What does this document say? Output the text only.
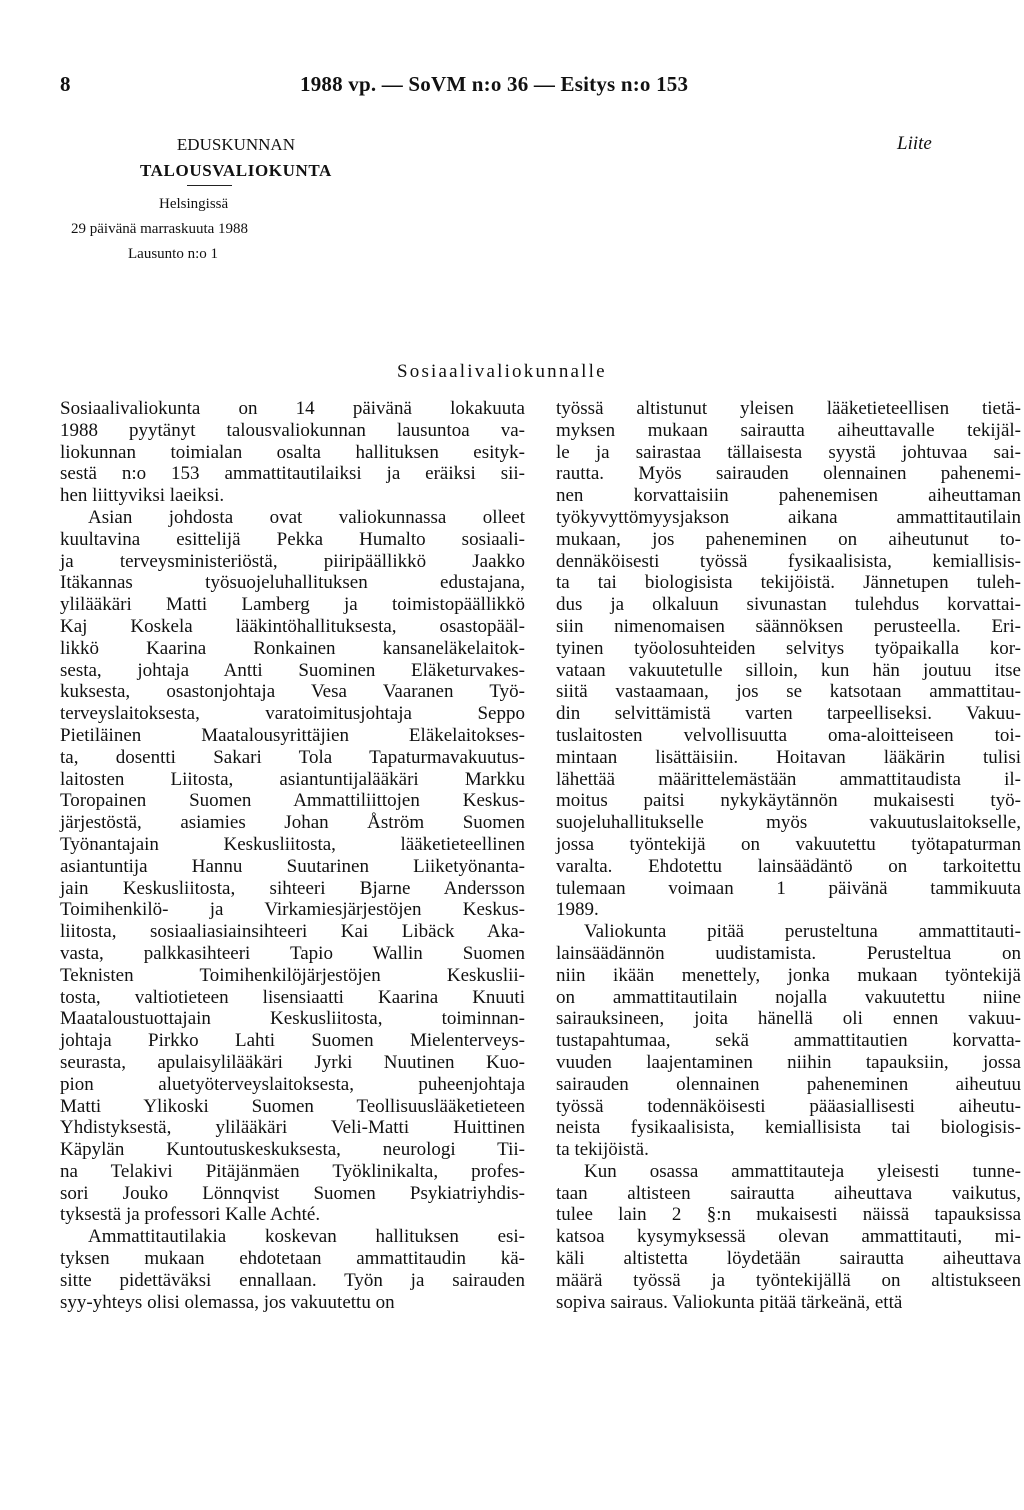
8	1988 vp. — SoVM n:o 36 — Esitys n:o 153
EDUSKUNNAN
TALOUSVALIOKUNTA
Liite
Helsingissä
29 päivänä marraskuuta 1988
Lausunto n:o 1
Sosiaalivaliokunnalle

Sosiaalivaliokunta on 14 päivänä lokakuuta

1988 pyytänyt talousvaliokunnan lausuntoa va-

liokunnan toimialan osalta hallituksen esityk-

sestä n:o 153 ammattitautilaiksi ja eräiksi sii-

hen liittyviksi laeiksi.

Asian johdosta ovat valiokunnassa olleet

kuultavina esittelijä Pekka Humalto sosiaali-

ja terveysministeriöstä, piiripäällikkö Jaakko

Itäkannas työsuojeluhallituksen edustajana,

ylilääkäri Matti Lamberg ja toimistopäällikkö

Kaj Koskela lääkintöhallituksesta, osastopääl-

likkö Kaarina Ronkainen kansaneläkelaitok-

sesta, johtaja Antti Suominen Eläketurvakes-

kuksesta, osastonjohtaja Vesa Vaaranen Työ-

terveyslaitoksesta, varatoimitusjohtaja Seppo

Pietiläinen Maatalousyrittäjien Eläkelaitokses-

ta, dosentti Sakari Tola Tapaturmavakuutus-

laitosten Liitosta, asiantuntijalääkäri Markku

Toropainen Suomen Ammattiliittojen Keskus-

järjestöstä, asiamies Johan Åström Suomen

Työnantajain Keskusliitosta, lääketieteellinen

asiantuntija Hannu Suutarinen Liiketyönanta-

jain Keskusliitosta, sihteeri Bjarne Andersson

Toimihenkilö- ja Virkamiesjärjestöjen Keskus-

liitosta, sosiaaliasiainsihteeri Kai Libäck Aka-

vasta, palkkasihteeri Tapio Wallin Suomen

Teknisten Toimihenkilöjärjestöjen Keskuslii-

tosta, valtiotieteen lisensiaatti Kaarina Knuuti

Maataloustuottajain Keskusliitosta, toiminnan-

johtaja Pirkko Lahti Suomen Mielenterveys-

seurasta, apulaisylilääkäri Jyrki Nuutinen Kuo-

pion aluetyöterveyslaitoksesta, puheenjohtaja

Matti Ylikoski Suomen Teollisuuslääketieteen

Yhdistyksestä, ylilääkäri Veli-Matti Huittinen

Käpylän Kuntoutuskeskuksesta, neurologi Tii-

na Telakivi Pitäjänmäen Työklinikalta, profes-

sori Jouko Lönnqvist Suomen Psykiatriyhdis-

tyksestä ja professori Kalle Achté.

Ammattitautilakia koskevan hallituksen esi-

tyksen mukaan ehdotetaan ammattitaudin kä-

sitte pidettäväksi ennallaan. Työn ja sairauden

syy-yhteys olisi olemassa, jos vakuutettu on

työssä altistunut yleisen lääketieteellisen tietä-

myksen mukaan sairautta aiheuttavalle tekijäl-

le ja sairastaa tällaisesta syystä johtuvaa sai-

rautta. Myös sairauden olennainen pahenemi-

nen korvattaisiin pahenemisen aiheuttaman

työkyvyttömyysjakson aikana ammattitautilain

mukaan, jos paheneminen on aiheutunut to-

dennäköisesti työssä fysikaalisista, kemiallisis-

ta tai biologisista tekijöistä. Jännetupen tuleh-

dus ja olkaluun sivunastan tulehdus korvattai-

siin nimenomaisen säännöksen perusteella. Eri-

tyinen työolosuhteiden selvitys työpaikalla kor-

vataan vakuutetulle silloin, kun hän joutuu itse

siitä vastaamaan, jos se katsotaan ammattitau-

din selvittämistä varten tarpeelliseksi. Vakuu-

tuslaitosten velvollisuutta oma-aloitteiseen toi-

mintaan lisättäisiin. Hoitavan lääkärin tulisi

lähettää määrittelemästään ammattitaudista il-

moitus paitsi nykykäytännön mukaisesti työ-

suojeluhallitukselle myös vakuutuslaitokselle,

jossa työntekijä on vakuutettu työtapaturman

varalta. Ehdotettu lainsäädäntö on tarkoitettu

tulemaan voimaan 1 päivänä tammikuuta

1989.

Valiokunta pitää perusteltuna ammattitauti-

lainsäädännön uudistamista. Perusteltua on

niin ikään menettely, jonka mukaan työntekijä

on ammattitautilain nojalla vakuutettu niine

sairauksineen, joita hänellä oli ennen vakuu-

tustapahtumaa, sekä ammattitautien korvatta-

vuuden laajentaminen niihin tapauksiin, jossa

sairauden olennainen paheneminen aiheutuu

työssä todennäköisesti pääasiallisesti aiheutu-

neista fysikaalisista, kemiallisista tai biologisis-

ta tekijöistä.

Kun osassa ammattitauteja yleisesti tunne-

taan altisteen sairautta aiheuttava vaikutus,

tulee lain 2 §:n mukaisesti näissä tapauksissa

katsoa kysymyksessä olevan ammattitauti, mi-

käli altistetta löydetään sairautta aiheuttava

määrä työssä ja työntekijällä on altistukseen

sopiva sairaus. Valiokunta pitää tärkeänä, että
